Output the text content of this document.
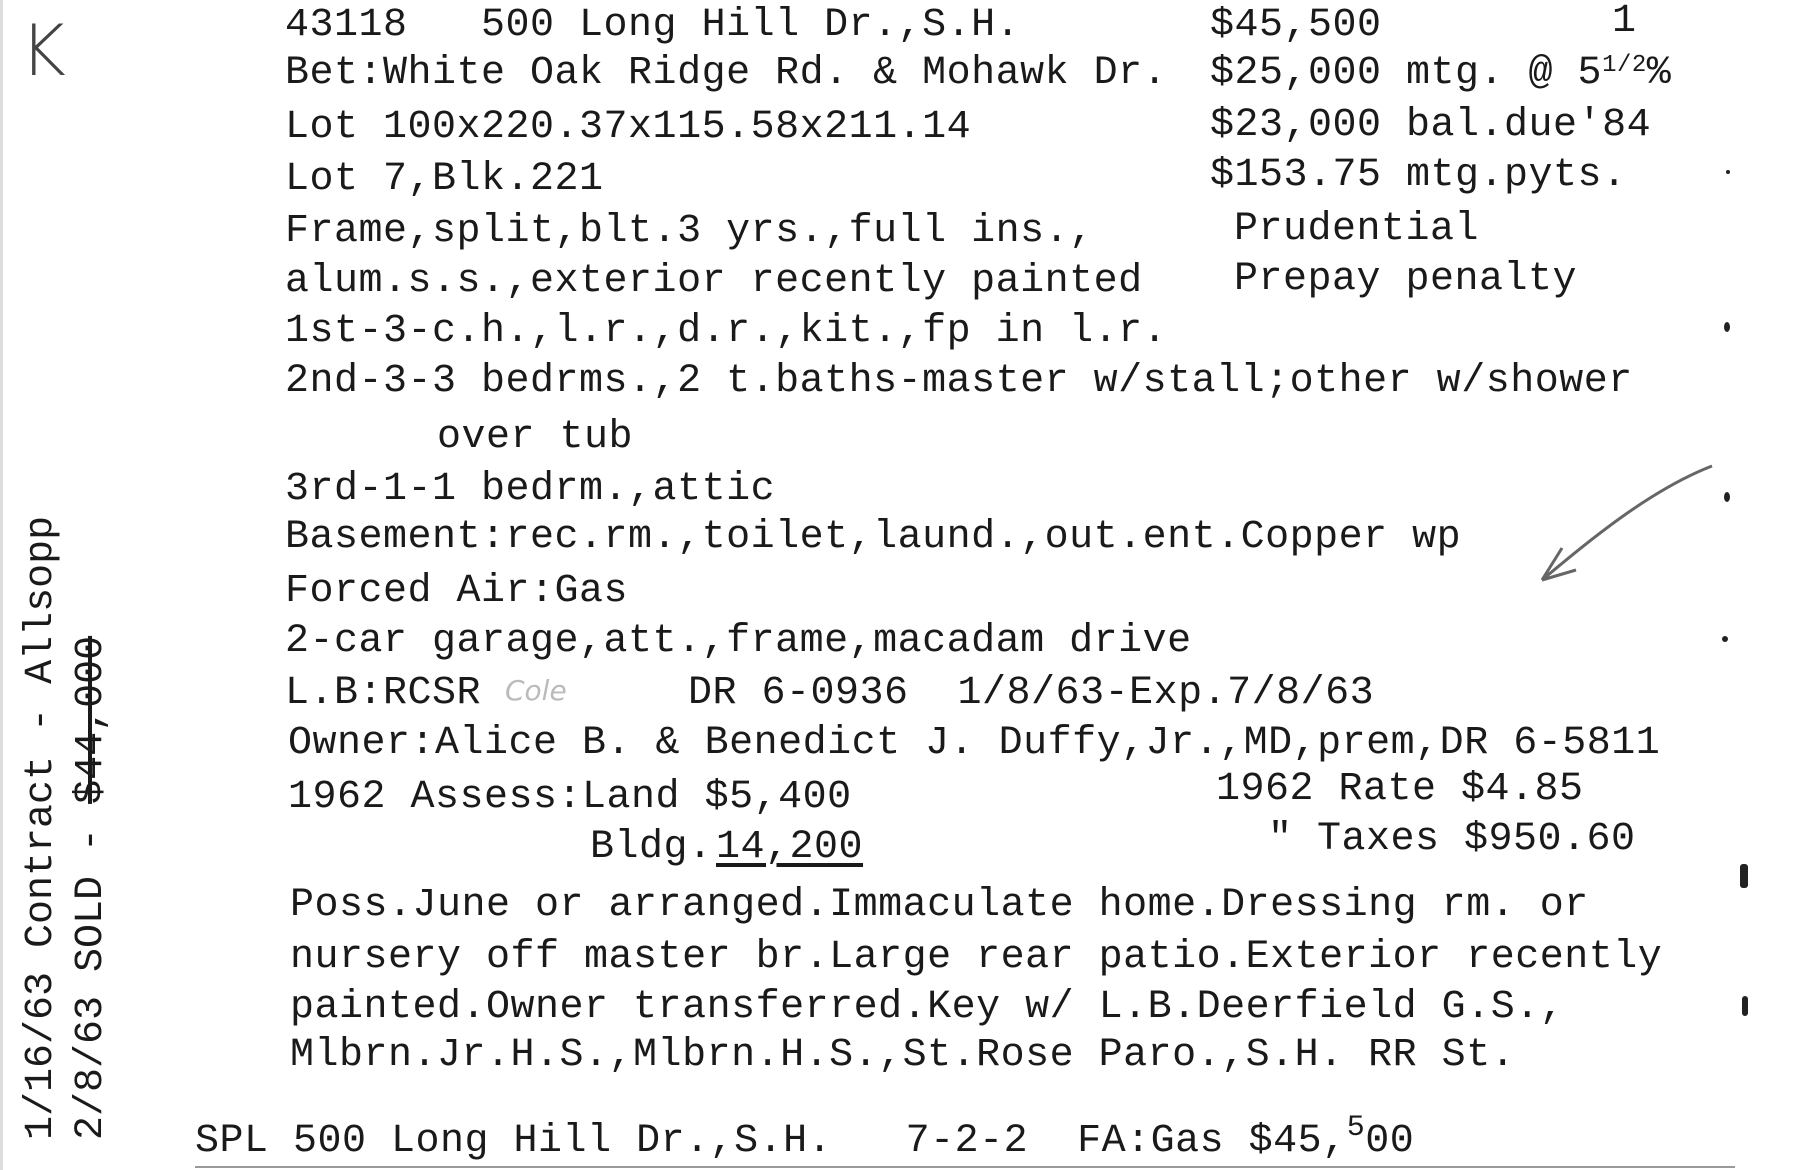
K	43118   500 Long Hill Dr.,S.H.
Bet:White Oak Ridge Rd. & Mohawk Dr.
Lot 100x220.37x115.58x211.14
Lot 7,Blk.221
Frame,split,blt.3 yrs.,full ins.,
alum.s.s.,exterior recently painted
1st-3-c.h.,l.r.,d.r.,kit.,fp in l.r.
2nd-3-3 bedrms.,2 t.baths-master w/stall;other w/shower
over tub
3rd-1-1 bedrm.,attic
Basement:rec.rm.,toilet,laund.,out.ent.Copper wp
Forced Air:Gas
2-car garage,att.,frame,macadam drive
L.B:RCSR Cole	DR 6-0936  1/8/63-Exp.7/8/63
Owner:Alice B. & Benedict J. Duffy,Jr.,MD,prem,DR 6-5811
1962 Assess:Land $5,400
Bldg. 14,200
Poss.June or arranged.Immaculate home.Dressing rm. or
nursery off master br.Large rear patio.Exterior recently
painted.Owner transferred.Key w/ L.B.Deerfield G.S.,
Mlbrn.Jr.H.S.,Mlbrn.H.S.,St.Rose Paro.,S.H. RR St.
$45,500	1
$25,000 mtg. @ $5^{1/2}\%$
$23,000 bal.due'84
$153.75 mtg.pyts.
Prudential
Prepay penalty
1962 Rate $4.85
" Taxes $950.60
1/16/63 Contract - Allsopp 2/8/63 SOLD - $44,000
SPL 500 Long Hill Dr.,S.H.   7-2-2  FA:Gas $45,$^5$00
